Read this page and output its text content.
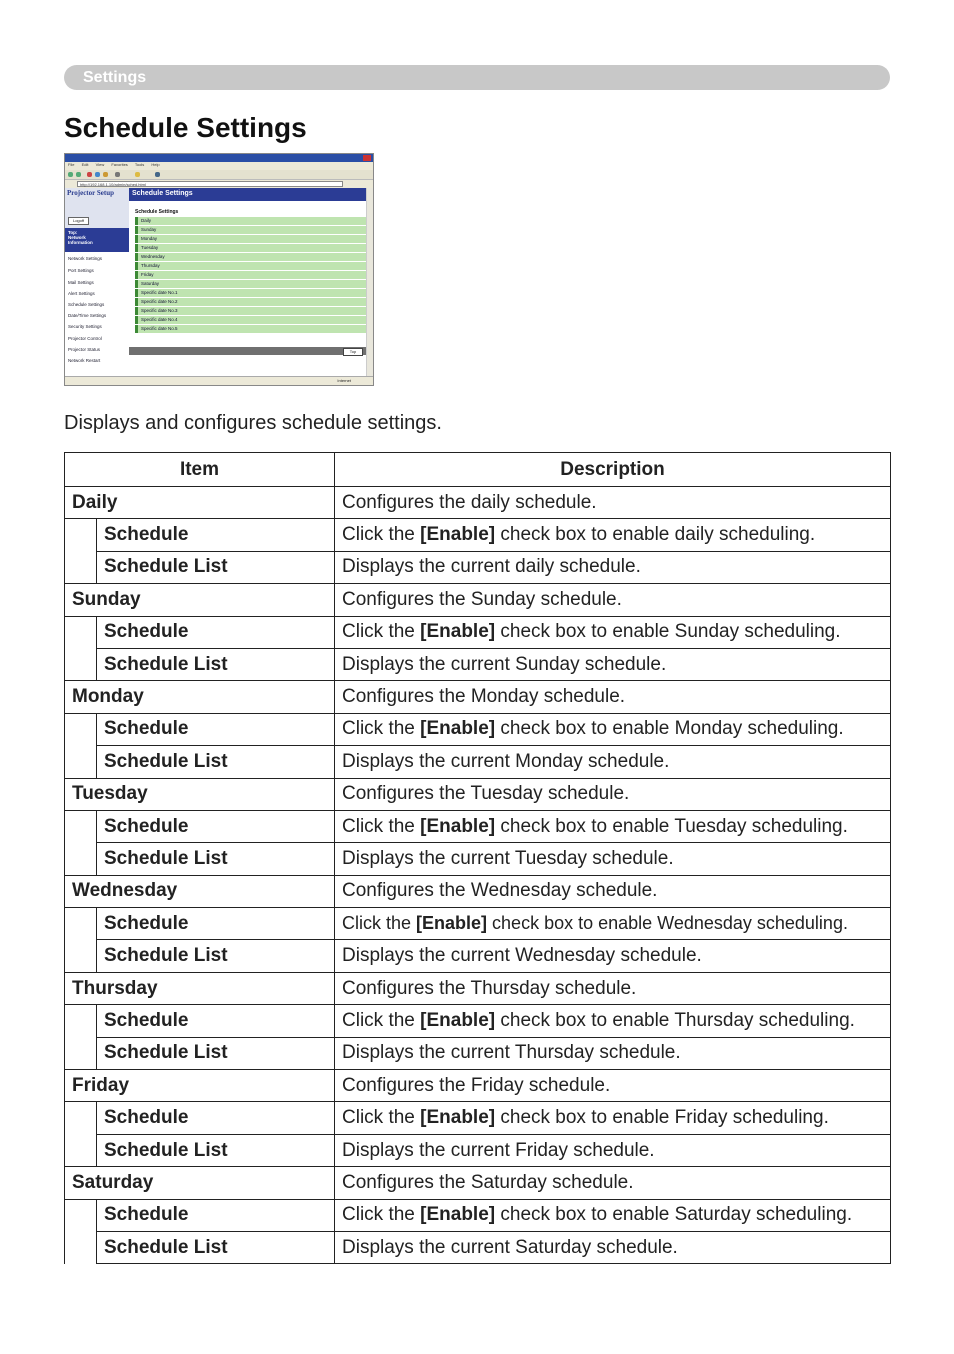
Settings
Schedule Settings
File Edit View Favorites Tools Help
http://192.168.1.10/admin/sched.html
Projector Setup
Logoff
Top:
Network
Information
Network Settings
Port Settings
Mail Settings
Alert Settings
Schedule Settings
Date/Time Settings
Security Settings
Projector Control
Projector Status
Network Restart
Schedule Settings
Schedule Settings
Daily
Sunday
Monday
Tuesday
Wednesday
Thursday
Friday
Saturday
Specific date No.1
Specific date No.2
Specific date No.3
Specific date No.4
Specific date No.5
Top
Internet
Displays and configures schedule settings.
Item		Description
Daily		Configures the daily schedule.
	Schedule	Click the [Enable] check box to enable daily scheduling.
	Schedule List	Displays the current daily schedule.
Sunday		Configures the Sunday schedule.
	Schedule	Click the [Enable] check box to enable Sunday scheduling.
	Schedule List	Displays the current Sunday schedule.
Monday		Configures the Monday schedule.
	Schedule	Click the [Enable] check box to enable Monday scheduling.
	Schedule List	Displays the current Monday schedule.
Tuesday		Configures the Tuesday schedule.
	Schedule	Click the [Enable] check box to enable Tuesday scheduling.
	Schedule List	Displays the current Tuesday schedule.
Wednesday		Configures the Wednesday schedule.
	Schedule	Click the [Enable] check box to enable Wednesday scheduling.
	Schedule List	Displays the current Wednesday schedule.
Thursday		Configures the Thursday schedule.
	Schedule	Click the [Enable] check box to enable Thursday scheduling.
	Schedule List	Displays the current Thursday schedule.
Friday		Configures the Friday schedule.
	Schedule	Click the [Enable] check box to enable Friday scheduling.
	Schedule List	Displays the current Friday schedule.
Saturday		Configures the Saturday schedule.
	Schedule	Click the [Enable] check box to enable Saturday scheduling.
	Schedule List	Displays the current Saturday schedule.
